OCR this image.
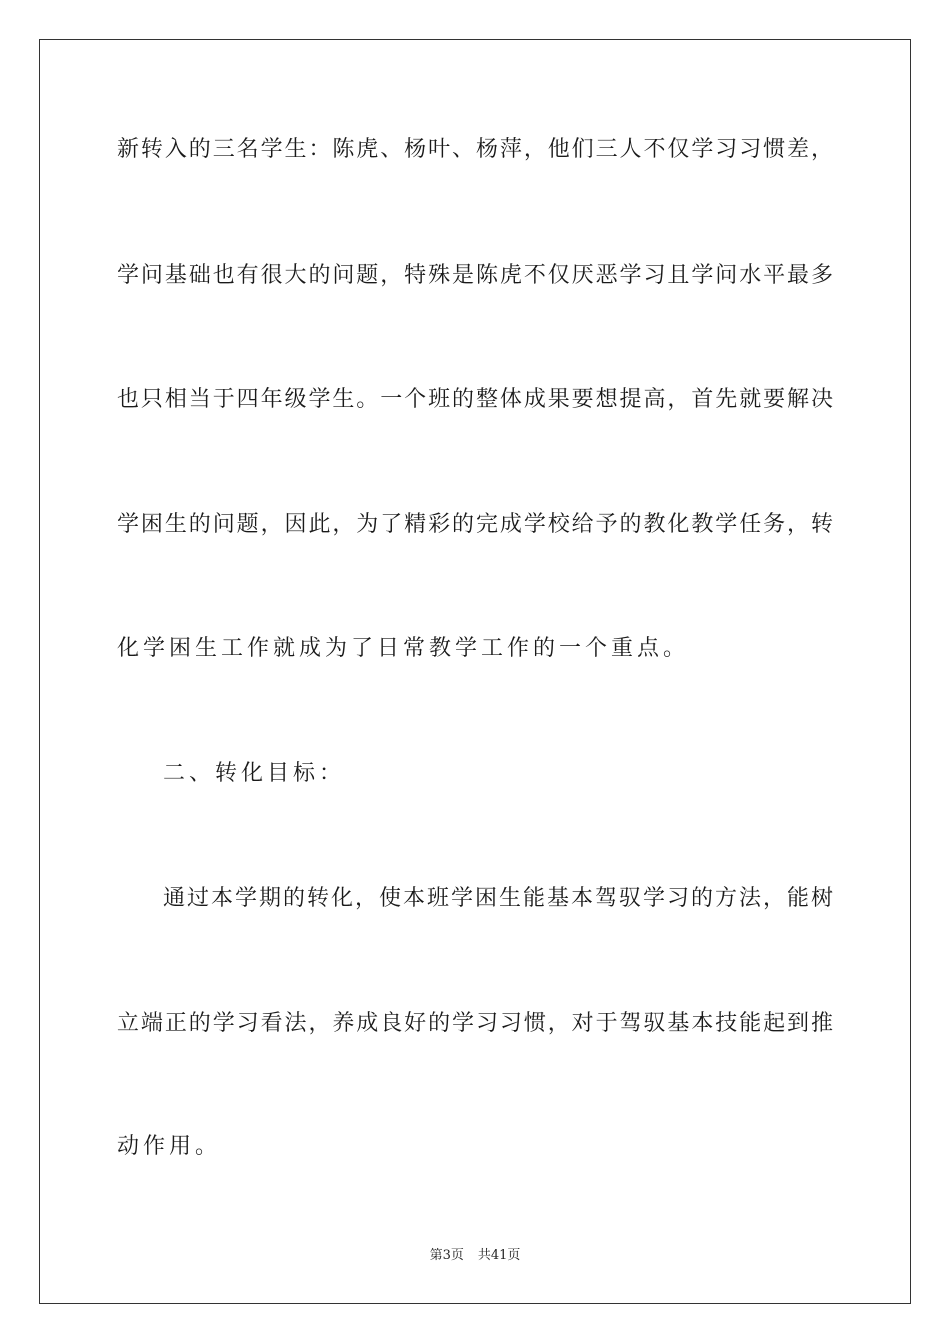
新转入的三名学生：陈虎、杨叶、杨萍，他们三人不仅学习习惯差，
学问基础也有很大的问题，特殊是陈虎不仅厌恶学习且学问水平最多
也只相当于四年级学生。一个班的整体成果要想提高，首先就要解决
学困生的问题，因此，为了精彩的完成学校给予的教化教学任务，转
化学困生工作就成为了日常教学工作的一个重点。
二、转化目标：
通过本学期的转化，使本班学困生能基本驾驭学习的方法，能树
立端正的学习看法，养成良好的学习习惯，对于驾驭基本技能起到推
动作用。
第3页 共41页
